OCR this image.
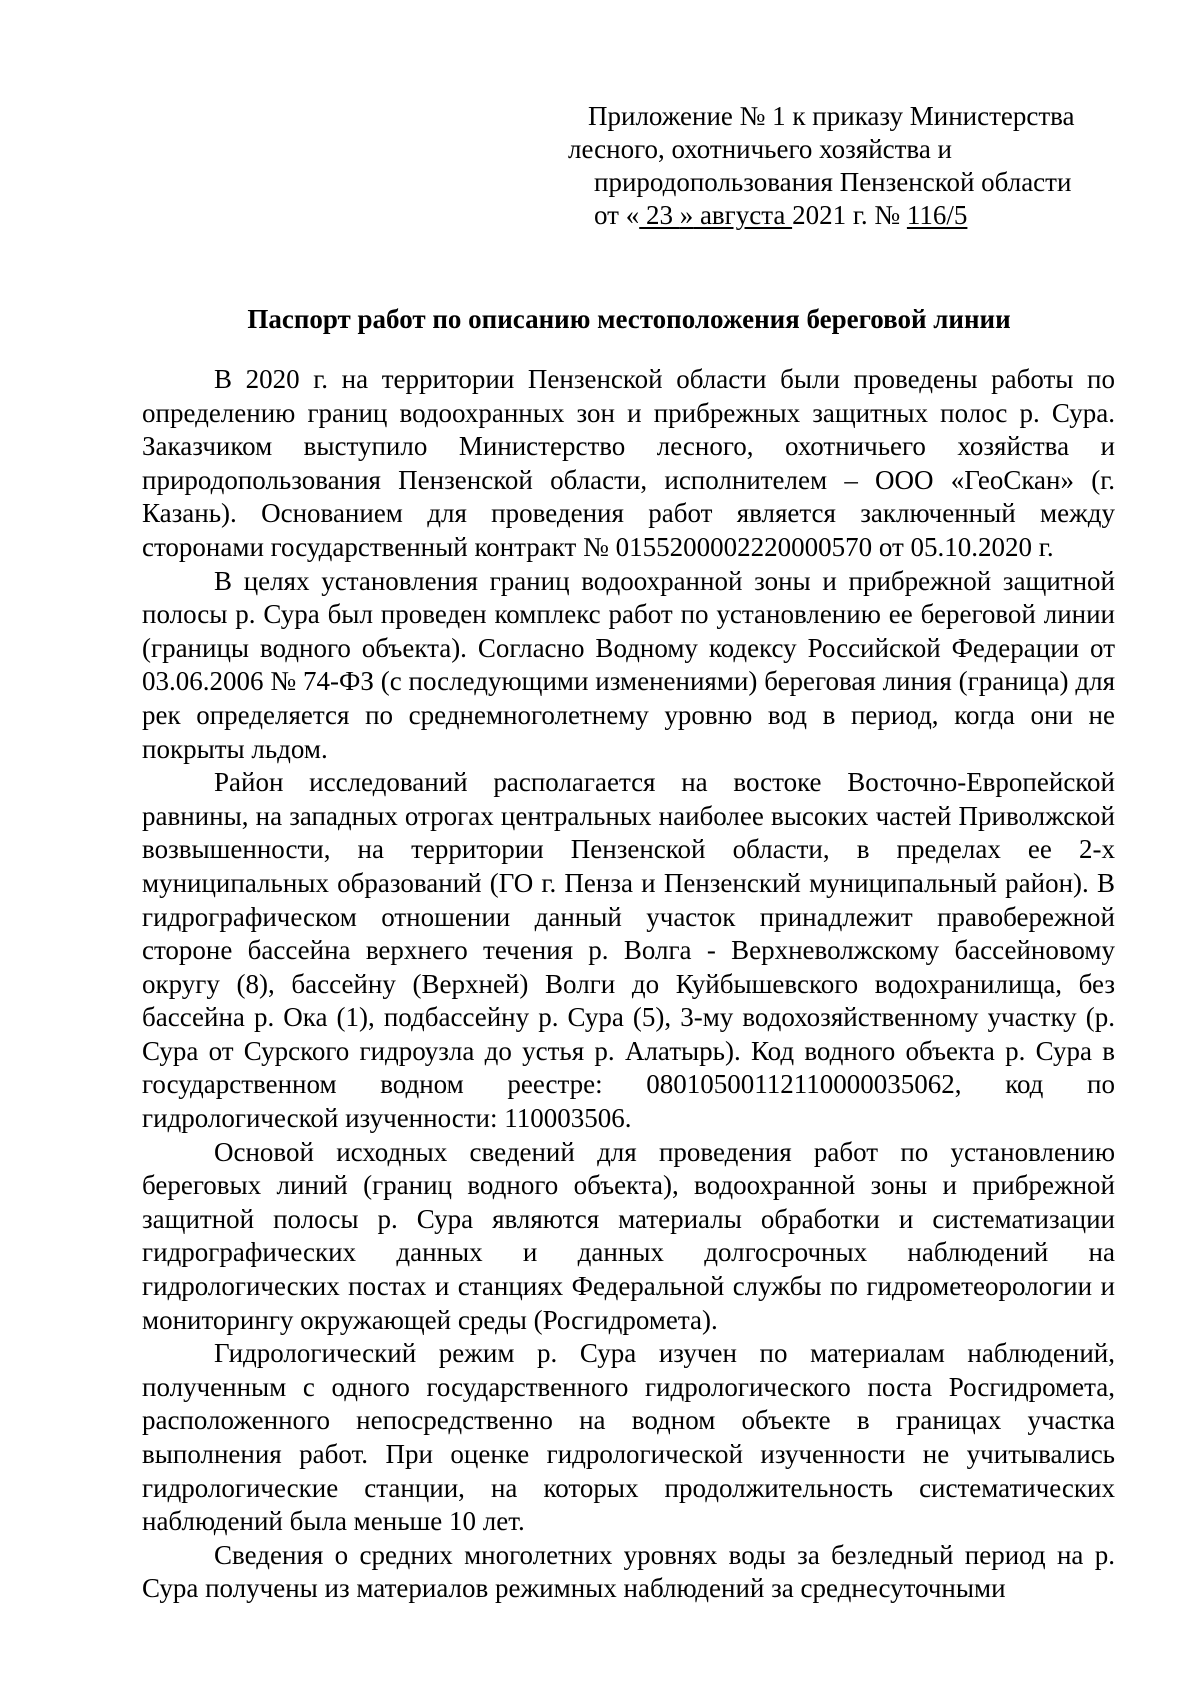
Приложение № 1 к приказу Министерства
лесного, охотничьего хозяйства и
природопользования Пензенской области
от « 23 » августа 2021 г. № 116/5
Паспорт работ по описанию местоположения береговой линии

В 2020 г. на территории Пензенской области были проведены работы по определению границ водоохранных зон и прибрежных защитных полос р. Сура. Заказчиком выступило Министерство лесного, охотничьего хозяйства и природопользования Пензенской области, исполнителем – ООО «ГеоСкан» (г. Казань). Основанием для проведения работ является заключенный между сторонами государственный контракт № 0155200002220000570 от 05.10.2020 г.

В целях установления границ водоохранной зоны и прибрежной защитной полосы р. Сура был проведен комплекс работ по установлению ее береговой линии (границы водного объекта). Согласно Водному кодексу Российской Федерации от 03.06.2006 № 74-ФЗ (с последующими изменениями) береговая линия (граница) для рек определяется по среднемноголетнему уровню вод в период, когда они не покрыты льдом.

Район исследований располагается на востоке Восточно-Европейской равнины, на западных отрогах центральных наиболее высоких частей Приволжской возвышенности, на территории Пензенской области, в пределах ее 2-х муниципальных образований (ГО г. Пенза и Пензенский муниципальный район). В гидрографическом отношении данный участок принадлежит правобережной стороне бассейна верхнего течения р. Волга - Верхневолжскому бассейновому округу (8), бассейну (Верхней) Волги до Куйбышевского водохранилища, без бассейна р. Ока (1), подбассейну р. Сура (5), 3-му водохозяйственному участку (р. Сура от Сурского гидроузла до устья р. Алатырь). Код водного объекта р. Сура в государственном водном реестре: 08010500112110000035062, код по гидрологической изученности: 110003506.

Основой исходных сведений для проведения работ по установлению береговых линий (границ водного объекта), водоохранной зоны и прибрежной защитной полосы р. Сура являются материалы обработки и систематизации гидрографических данных и данных долгосрочных наблюдений на гидрологических постах и станциях Федеральной службы по гидрометеорологии и мониторингу окружающей среды (Росгидромета).

Гидрологический режим р. Сура изучен по материалам наблюдений, полученным с одного государственного гидрологического поста Росгидромета, расположенного непосредственно на водном объекте в границах участка выполнения работ. При оценке гидрологической изученности не учитывались гидрологические станции, на которых продолжительность систематических наблюдений была меньше 10 лет.

Сведения о средних многолетних уровнях воды за безледный период на р. Сура получены из материалов режимных наблюдений за среднесуточными
